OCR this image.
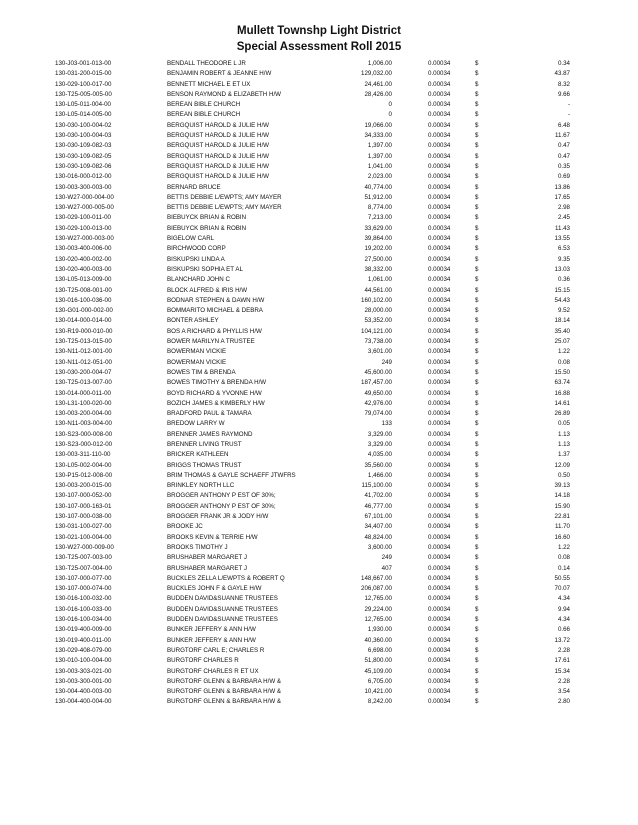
Mullett Townshp Light District
Special Assessment Roll 2015
130-J03-001-013-00	BENDALL THEODORE L JR	1,006.00	0.00034	$	0.34
130-031-200-015-00	BENJAMIN ROBERT & JEANNE H/W	129,032.00	0.00034	$	43.87
130-029-100-017-00	BENNETT MICHAEL E ET UX	24,461.00	0.00034	$	8.32
130-T25-005-005-00	BENSON RAYMOND & ELIZABETH H/W	28,426.00	0.00034	$	9.66
130-L05-011-004-00	BEREAN BIBLE CHURCH	0	0.00034	$	-
130-L05-014-005-00	BEREAN BIBLE CHURCH	0	0.00034	$	-
130-030-100-004-02	BERGQUIST HAROLD & JULIE H/W	19,066.00	0.00034	$	6.48
130-030-100-004-03	BERGQUIST HAROLD & JULIE H/W	34,333.00	0.00034	$	11.67
130-030-109-082-03	BERGQUIST HAROLD & JULIE H/W	1,397.00	0.00034	$	0.47
130-030-109-082-05	BERGQUIST HAROLD & JULIE H/W	1,397.00	0.00034	$	0.47
130-030-109-082-06	BERGQUIST HAROLD & JULIE H/W	1,041.00	0.00034	$	0.35
130-016-000-012-00	BERGQUIST HAROLD & JULIE H/W	2,023.00	0.00034	$	0.69
130-003-300-003-00	BERNARD BRUCE	40,774.00	0.00034	$	13.86
130-W27-000-004-00	BETTIS DEBBIE L/EWPTS; AMY MAYER	51,912.00	0.00034	$	17.65
130-W27-000-005-00	BETTIS DEBBIE L/EWPTS; AMY MAYER	8,774.00	0.00034	$	2.98
130-029-100-011-00	BIEBUYCK BRIAN & ROBIN	7,213.00	0.00034	$	2.45
130-029-100-013-00	BIEBUYCK BRIAN & ROBIN	33,629.00	0.00034	$	11.43
130-W27-000-003-00	BIGELOW CARL	39,864.00	0.00034	$	13.55
130-003-400-006-00	BIRCHWOOD CORP	19,202.00	0.00034	$	6.53
130-020-400-002-00	BISKUPSKI LINDA A	27,500.00	0.00034	$	9.35
130-020-400-003-00	BISKUPSKI SOPHIA ET AL	38,332.00	0.00034	$	13.03
130-L05-013-009-00	BLANCHARD JOHN C	1,061.00	0.00034	$	0.36
130-T25-008-001-00	BLOCK ALFRED & IRIS H/W	44,561.00	0.00034	$	15.15
130-016-100-036-00	BODNAR STEPHEN & DAWN H/W	160,102.00	0.00034	$	54.43
130-G01-000-002-00	BOMMARITO MICHAEL & DEBRA	28,000.00	0.00034	$	9.52
130-014-000-014-00	BONTER ASHLEY	53,352.00	0.00034	$	18.14
130-R19-000-010-00	BOS A RICHARD & PHYLLIS H/W	104,121.00	0.00034	$	35.40
130-T25-013-015-00	BOWER MARILYN A TRUSTEE	73,738.00	0.00034	$	25.07
130-N11-012-001-00	BOWERMAN VICKIE	3,601.00	0.00034	$	1.22
130-N11-012-051-00	BOWERMAN VICKIE	249	0.00034	$	0.08
130-030-200-004-07	BOWES TIM & BRENDA	45,600.00	0.00034	$	15.50
130-T25-013-007-00	BOWES TIMOTHY & BRENDA H/W	187,457.00	0.00034	$	63.74
130-014-000-011-00	BOYD RICHARD & YVONNE H/W	49,650.00	0.00034	$	16.88
130-L31-100-020-00	BOZICH JAMES & KIMBERLY H/W	42,976.00	0.00034	$	14.61
130-003-200-004-00	BRADFORD PAUL & TAMARA	79,074.00	0.00034	$	26.89
130-N11-003-004-00	BREDOW LARRY W	133	0.00034	$	0.05
130-S23-000-008-00	BRENNER JAMES RAYMOND	3,329.00	0.00034	$	1.13
130-S23-000-012-00	BRENNER LIVING TRUST	3,329.00	0.00034	$	1.13
130-003-311-110-00	BRICKER KATHLEEN	4,035.00	0.00034	$	1.37
130-L05-002-004-00	BRIGGS THOMAS TRUST	35,560.00	0.00034	$	12.09
130-P15-012-008-00	BRIM THOMAS & GAYLE SCHAEFF JTWFRS	1,466.00	0.00034	$	0.50
130-003-200-015-00	BRINKLEY NORTH LLC	115,100.00	0.00034	$	39.13
130-107-000-052-00	BROGGER ANTHONY P EST OF 30%;	41,702.00	0.00034	$	14.18
130-107-000-163-01	BROGGER ANTHONY P EST OF 30%;	46,777.00	0.00034	$	15.90
130-107-000-038-00	BROGGER FRANK JR & JODY H/W	67,101.00	0.00034	$	22.81
130-031-100-027-00	BROOKE JC	34,407.00	0.00034	$	11.70
130-021-100-004-00	BROOKS KEVIN & TERRIE H/W	48,824.00	0.00034	$	16.60
130-W27-000-009-00	BROOKS TIMOTHY J	3,600.00	0.00034	$	1.22
130-T25-007-003-00	BRUSHABER MARGARET J	249	0.00034	$	0.08
130-T25-007-004-00	BRUSHABER MARGARET J	407	0.00034	$	0.14
130-107-000-077-00	BUCKLES ZELLA L/EWPTS & ROBERT Q	148,667.00	0.00034	$	50.55
130-107-000-074-00	BUCKLES JOHN F & GAYLE H/W	206,087.00	0.00034	$	70.07
130-016-100-032-00	BUDDEN DAVID&SUANNE TRUSTEES	12,765.00	0.00034	$	4.34
130-016-100-033-00	BUDDEN DAVID&SUANNE TRUSTEES	29,224.00	0.00034	$	9.94
130-016-100-034-00	BUDDEN DAVID&SUANNE TRUSTEES	12,765.00	0.00034	$	4.34
130-019-400-009-00	BUNKER JEFFERY & ANN H/W	1,930.00	0.00034	$	0.66
130-019-400-011-00	BUNKER JEFFERY & ANN H/W	40,360.00	0.00034	$	13.72
130-029-408-079-00	BURGTORF CARL E; CHARLES R	6,698.00	0.00034	$	2.28
130-010-100-004-00	BURGTORF CHARLES R	51,800.00	0.00034	$	17.61
130-003-303-021-00	BURGTORF CHARLES R ET UX	45,109.00	0.00034	$	15.34
130-003-300-001-00	BURGTORF GLENN & BARBARA H/W &	6,705.00	0.00034	$	2.28
130-004-400-003-00	BURGTORF GLENN & BARBARA H/W &	10,421.00	0.00034	$	3.54
130-004-400-004-00	BURGTORF GLENN & BARBARA H/W &	8,242.00	0.00034	$	2.80
